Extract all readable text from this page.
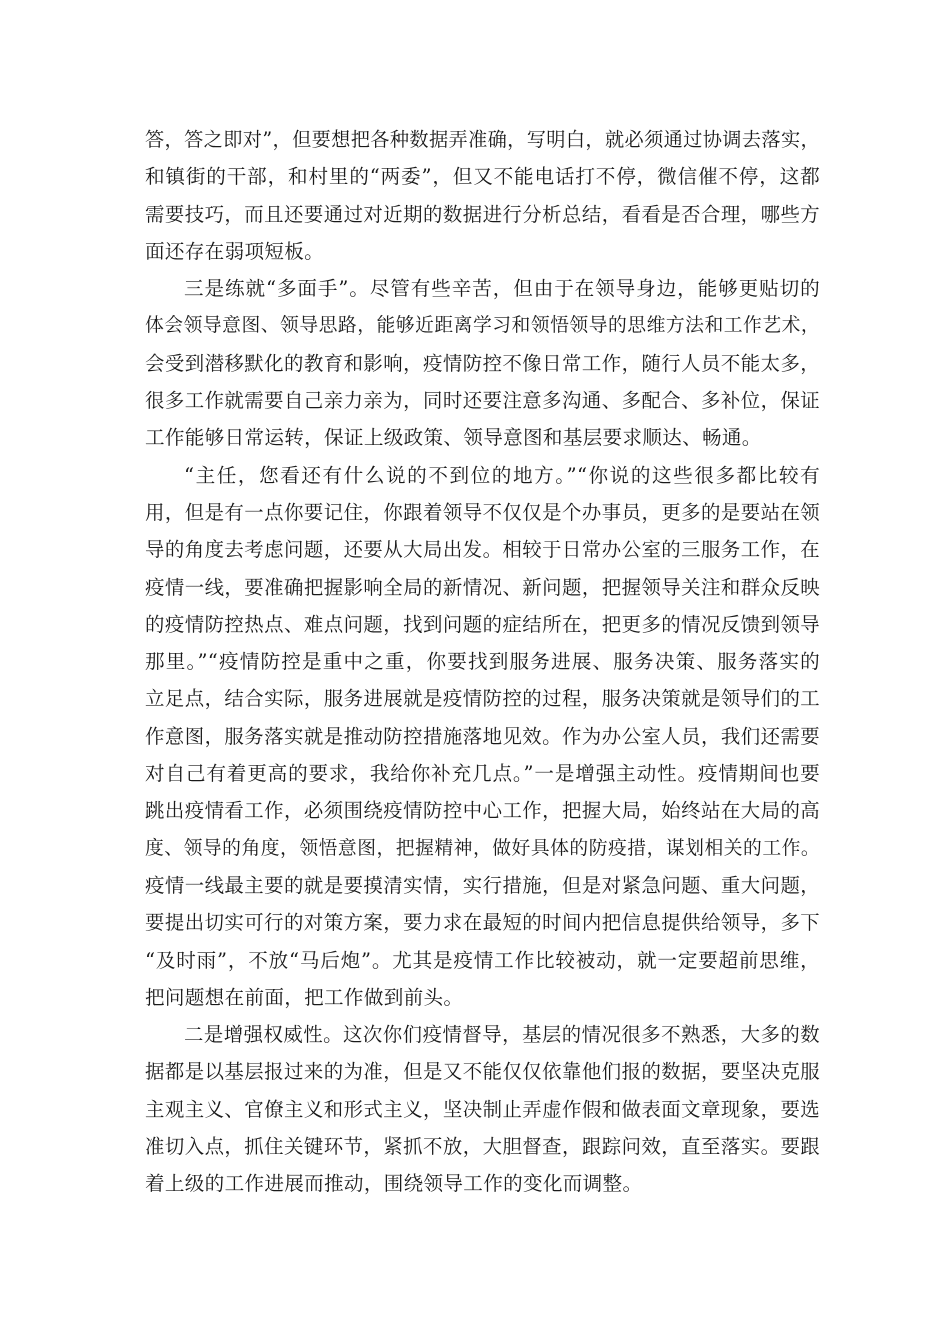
答，答之即对”，但要想把各种数据弄准确，写明白，就必须通过协调去落实，
和镇街的干部，和村里的“两委”，但又不能电话打不停，微信催不停，这都
需要技巧，而且还要通过对近期的数据进行分析总结，看看是否合理，哪些方
面还存在弱项短板。
三是练就“多面手”。尽管有些辛苦，但由于在领导身边，能够更贴切的
体会领导意图、领导思路，能够近距离学习和领悟领导的思维方法和工作艺术，
会受到潜移默化的教育和影响，疫情防控不像日常工作，随行人员不能太多，
很多工作就需要自己亲力亲为，同时还要注意多沟通、多配合、多补位，保证
工作能够日常运转，保证上级政策、领导意图和基层要求顺达、畅通。
“主任，您看还有什么说的不到位的地方。”“你说的这些很多都比较有
用，但是有一点你要记住，你跟着领导不仅仅是个办事员，更多的是要站在领
导的角度去考虑问题，还要从大局出发。相较于日常办公室的三服务工作，在
疫情一线，要准确把握影响全局的新情况、新问题，把握领导关注和群众反映
的疫情防控热点、难点问题，找到问题的症结所在，把更多的情况反馈到领导
那里。”“疫情防控是重中之重，你要找到服务进展、服务决策、服务落实的
立足点，结合实际，服务进展就是疫情防控的过程，服务决策就是领导们的工
作意图，服务落实就是推动防控措施落地见效。作为办公室人员，我们还需要
对自己有着更高的要求，我给你补充几点。”一是增强主动性。疫情期间也要
跳出疫情看工作，必须围绕疫情防控中心工作，把握大局，始终站在大局的高
度、领导的角度，领悟意图，把握精神，做好具体的防疫措，谋划相关的工作。
疫情一线最主要的就是要摸清实情，实行措施，但是对紧急问题、重大问题，
要提出切实可行的对策方案，要力求在最短的时间内把信息提供给领导，多下
“及时雨”，不放“马后炮”。尤其是疫情工作比较被动，就一定要超前思维，
把问题想在前面，把工作做到前头。
二是增强权威性。这次你们疫情督导，基层的情况很多不熟悉，大多的数
据都是以基层报过来的为准，但是又不能仅仅依靠他们报的数据，要坚决克服
主观主义、官僚主义和形式主义，坚决制止弄虚作假和做表面文章现象，要选
准切入点，抓住关键环节，紧抓不放，大胆督查，跟踪问效，直至落实。要跟
着上级的工作进展而推动，围绕领导工作的变化而调整。
